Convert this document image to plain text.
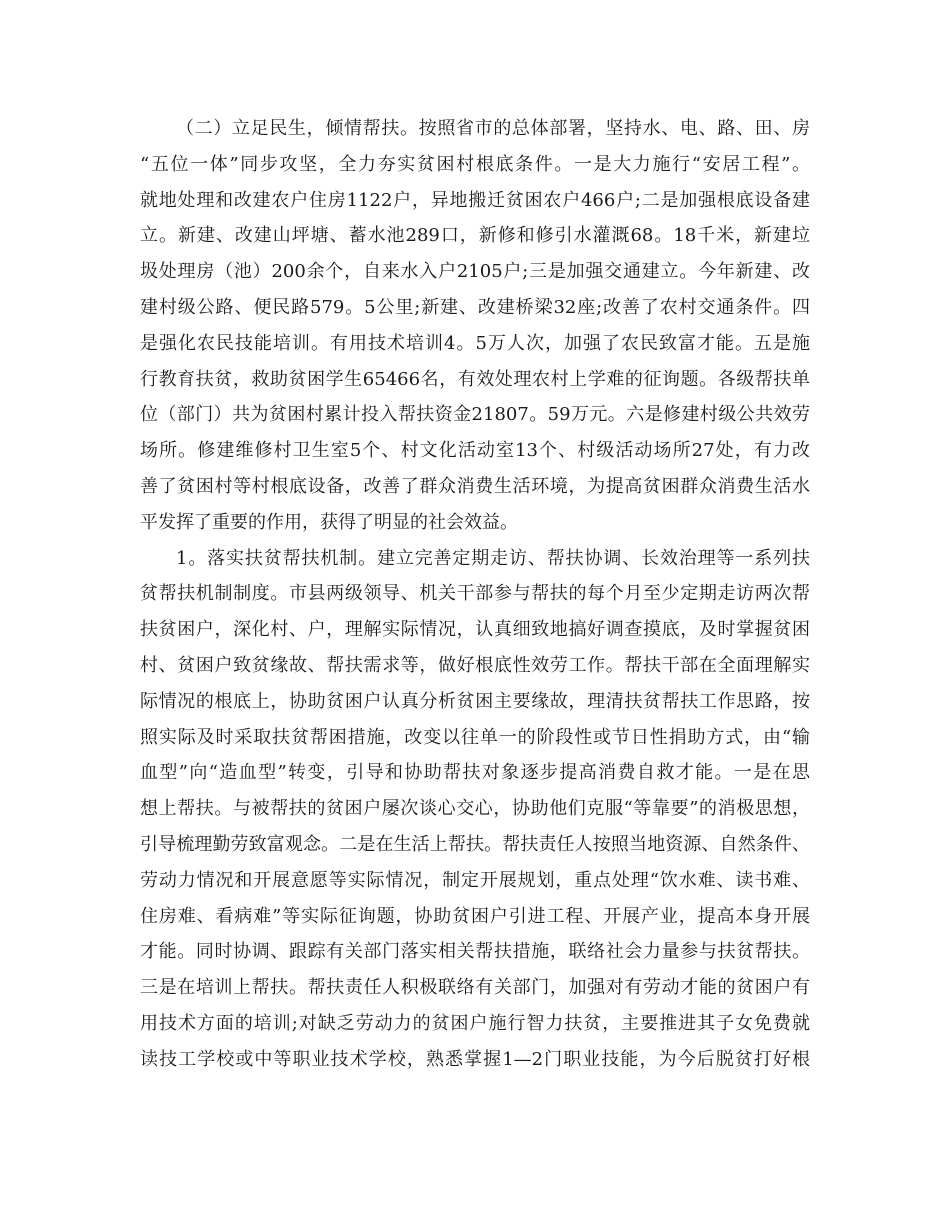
（二）立足民生，倾情帮扶。按照省市的总体部署，坚持水、电、路、田、房
“五位一体”同步攻坚，全力夯实贫困村根底条件。一是大力施行“安居工程”。
就地处理和改建农户住房1122户，异地搬迁贫困农户466户;二是加强根底设备建
立。新建、改建山坪塘、蓄水池289口，新修和修引水灌溉68。18千米，新建垃
圾处理房（池）200余个，自来水入户2105户;三是加强交通建立。今年新建、改
建村级公路、便民路579。5公里;新建、改建桥梁32座;改善了农村交通条件。四
是强化农民技能培训。有用技术培训4。5万人次，加强了农民致富才能。五是施
行教育扶贫，救助贫困学生65466名，有效处理农村上学难的征询题。各级帮扶单
位（部门）共为贫困村累计投入帮扶资金21807。59万元。六是修建村级公共效劳
场所。修建维修村卫生室5个、村文化活动室13个、村级活动场所27处，有力改
善了贫困村等村根底设备，改善了群众消费生活环境，为提高贫困群众消费生活水
平发挥了重要的作用，获得了明显的社会效益。
1。落实扶贫帮扶机制。建立完善定期走访、帮扶协调、长效治理等一系列扶
贫帮扶机制制度。市县两级领导、机关干部参与帮扶的每个月至少定期走访两次帮
扶贫困户，深化村、户，理解实际情况，认真细致地搞好调查摸底，及时掌握贫困
村、贫困户致贫缘故、帮扶需求等，做好根底性效劳工作。帮扶干部在全面理解实
际情况的根底上，协助贫困户认真分析贫困主要缘故，理清扶贫帮扶工作思路，按
照实际及时采取扶贫帮困措施，改变以往单一的阶段性或节日性捐助方式，由“输
血型”向“造血型”转变，引导和协助帮扶对象逐步提高消费自救才能。一是在思
想上帮扶。与被帮扶的贫困户屡次谈心交心，协助他们克服“等靠要”的消极思想，
引导梳理勤劳致富观念。二是在生活上帮扶。帮扶责任人按照当地资源、自然条件、
劳动力情况和开展意愿等实际情况，制定开展规划，重点处理“饮水难、读书难、
住房难、看病难”等实际征询题，协助贫困户引进工程、开展产业，提高本身开展
才能。同时协调、跟踪有关部门落实相关帮扶措施，联络社会力量参与扶贫帮扶。
三是在培训上帮扶。帮扶责任人积极联络有关部门，加强对有劳动才能的贫困户有
用技术方面的培训;对缺乏劳动力的贫困户施行智力扶贫，主要推进其子女免费就
读技工学校或中等职业技术学校，熟悉掌握1—2门职业技能，为今后脱贫打好根
